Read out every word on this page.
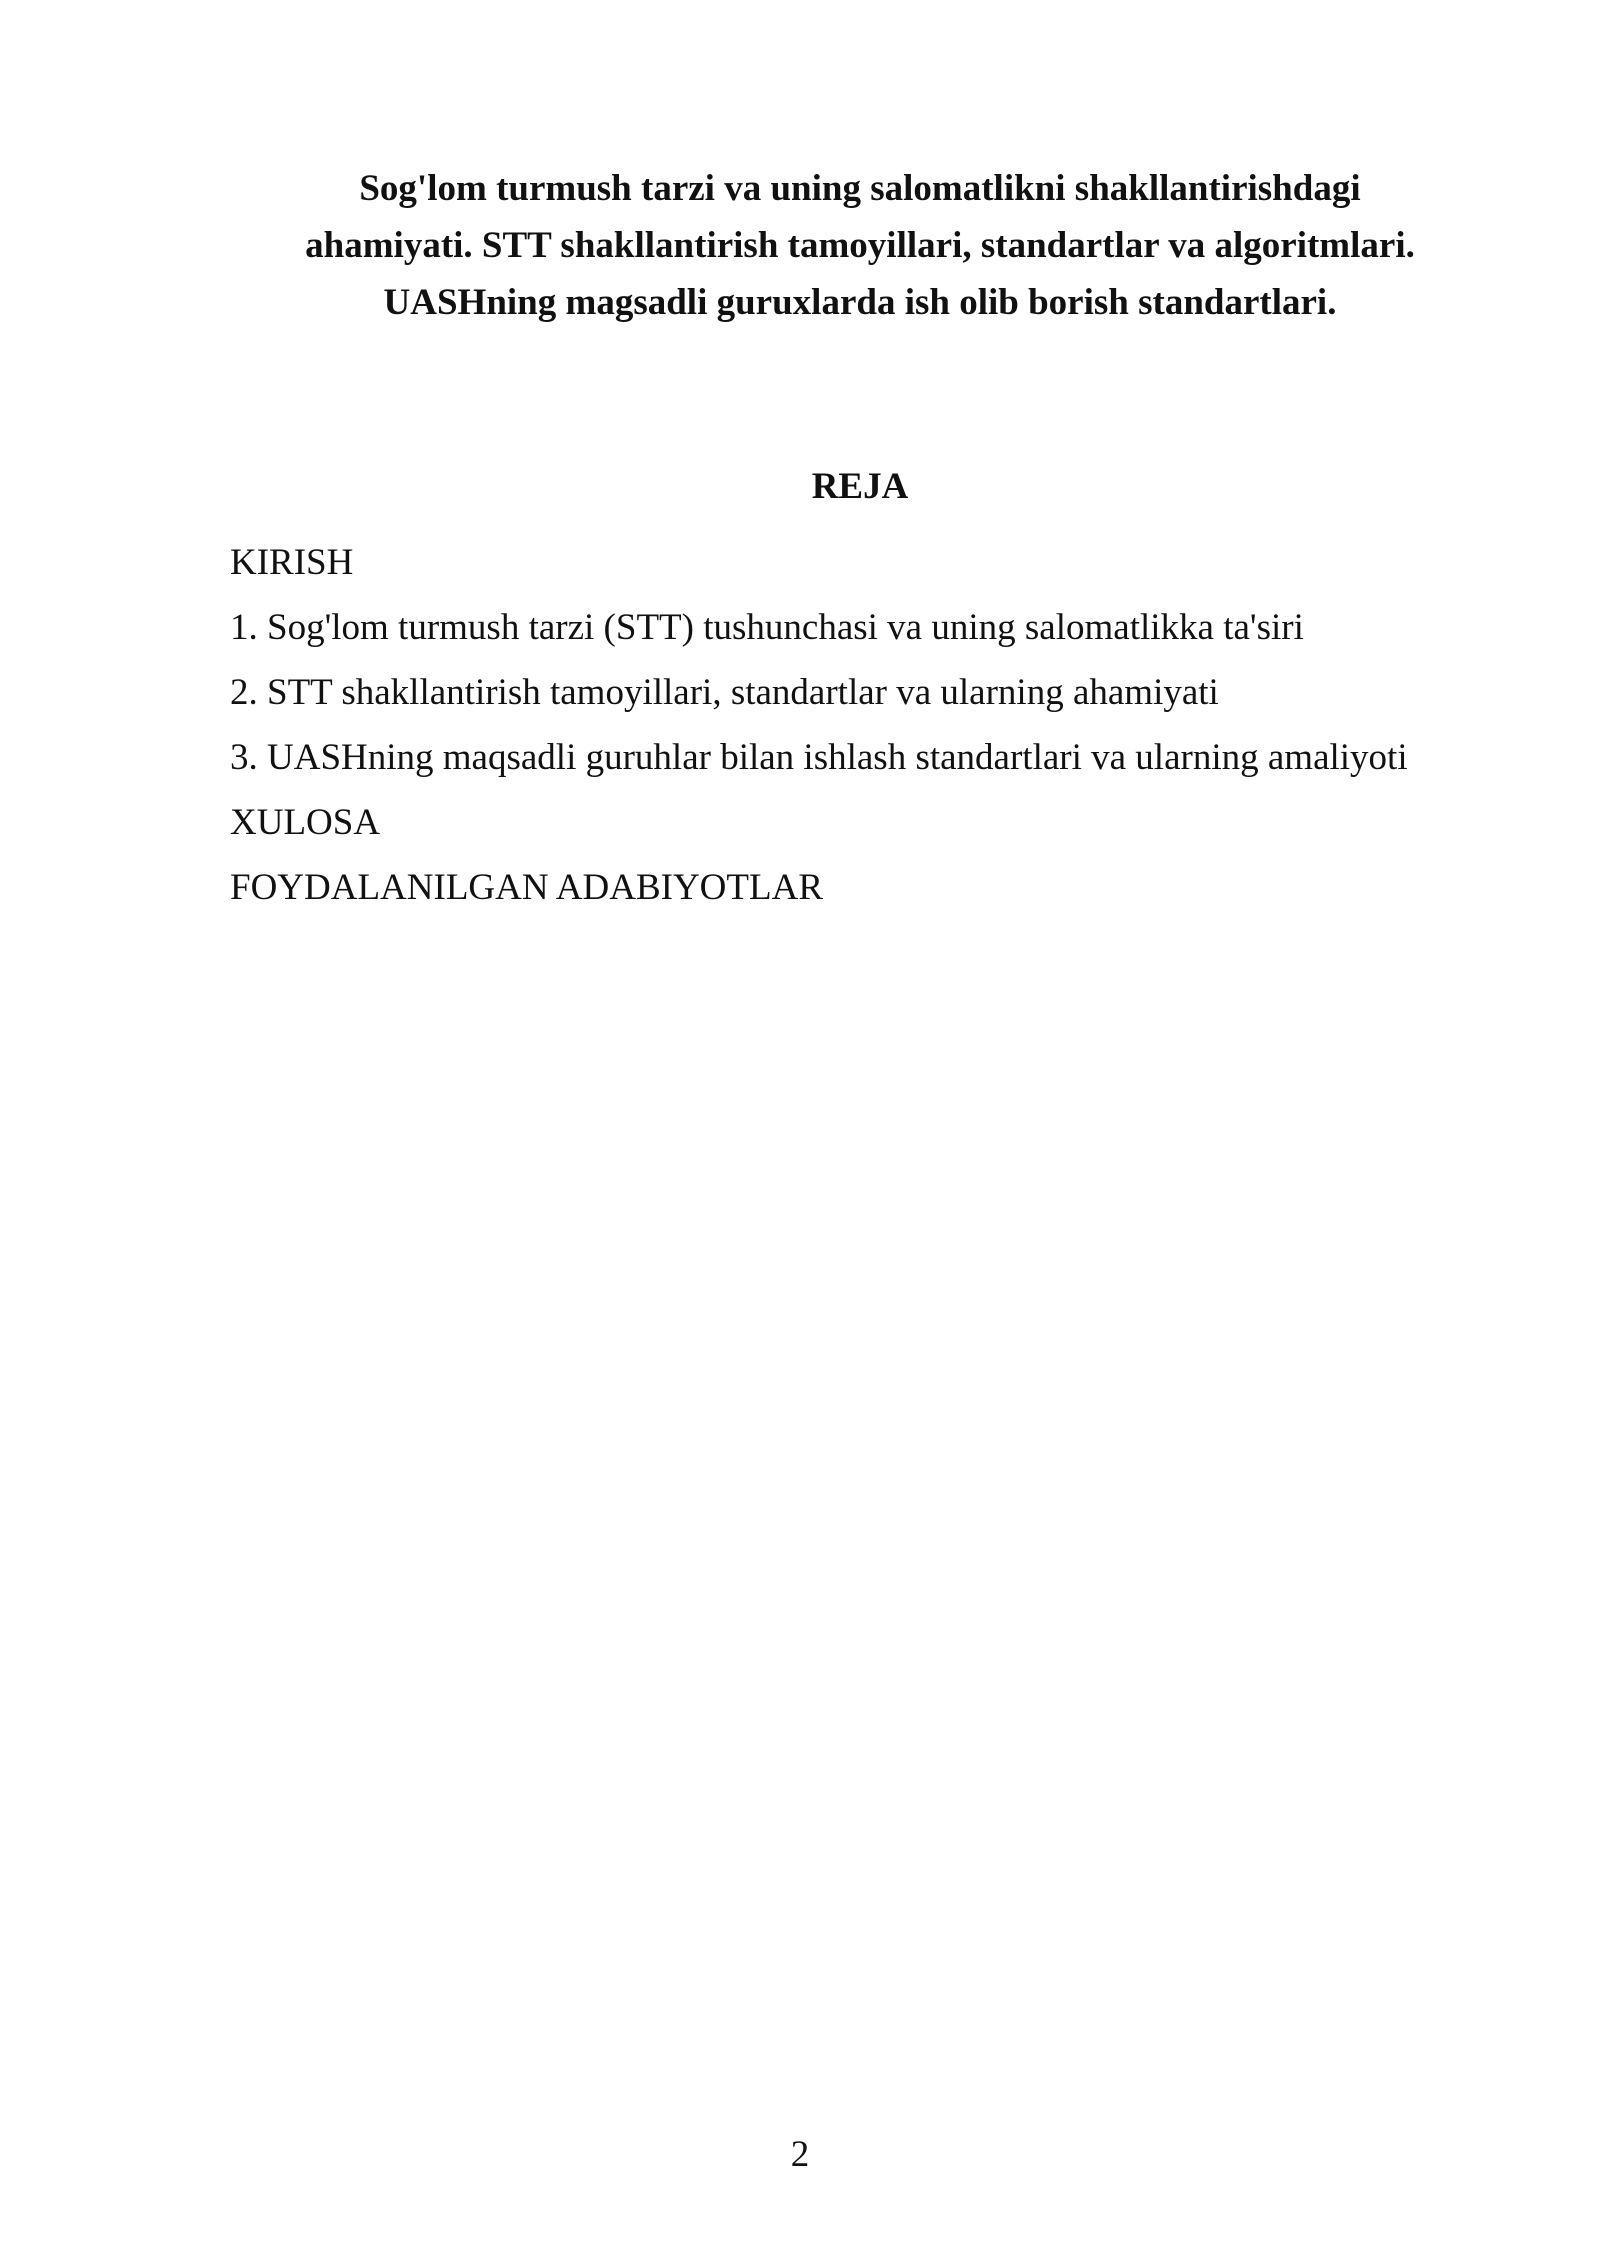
Sog'lom turmush tarzi va uning salomatlikni shakllantirishdagi
ahamiyati. STT shakllantirish tamoyillari, standartlar va algoritmlari.
UASHning magsadli guruxlarda ish olib borish standartlari.
REJA
KIRISH
1. Sog'lom turmush tarzi (STT) tushunchasi va uning salomatlikka ta'siri
2. STT shakllantirish tamoyillari, standartlar va ularning ahamiyati
3. UASHning maqsadli guruhlar bilan ishlash standartlari va ularning amaliyoti
XULOSA
FOYDALANILGAN ADABIYOTLAR
2
